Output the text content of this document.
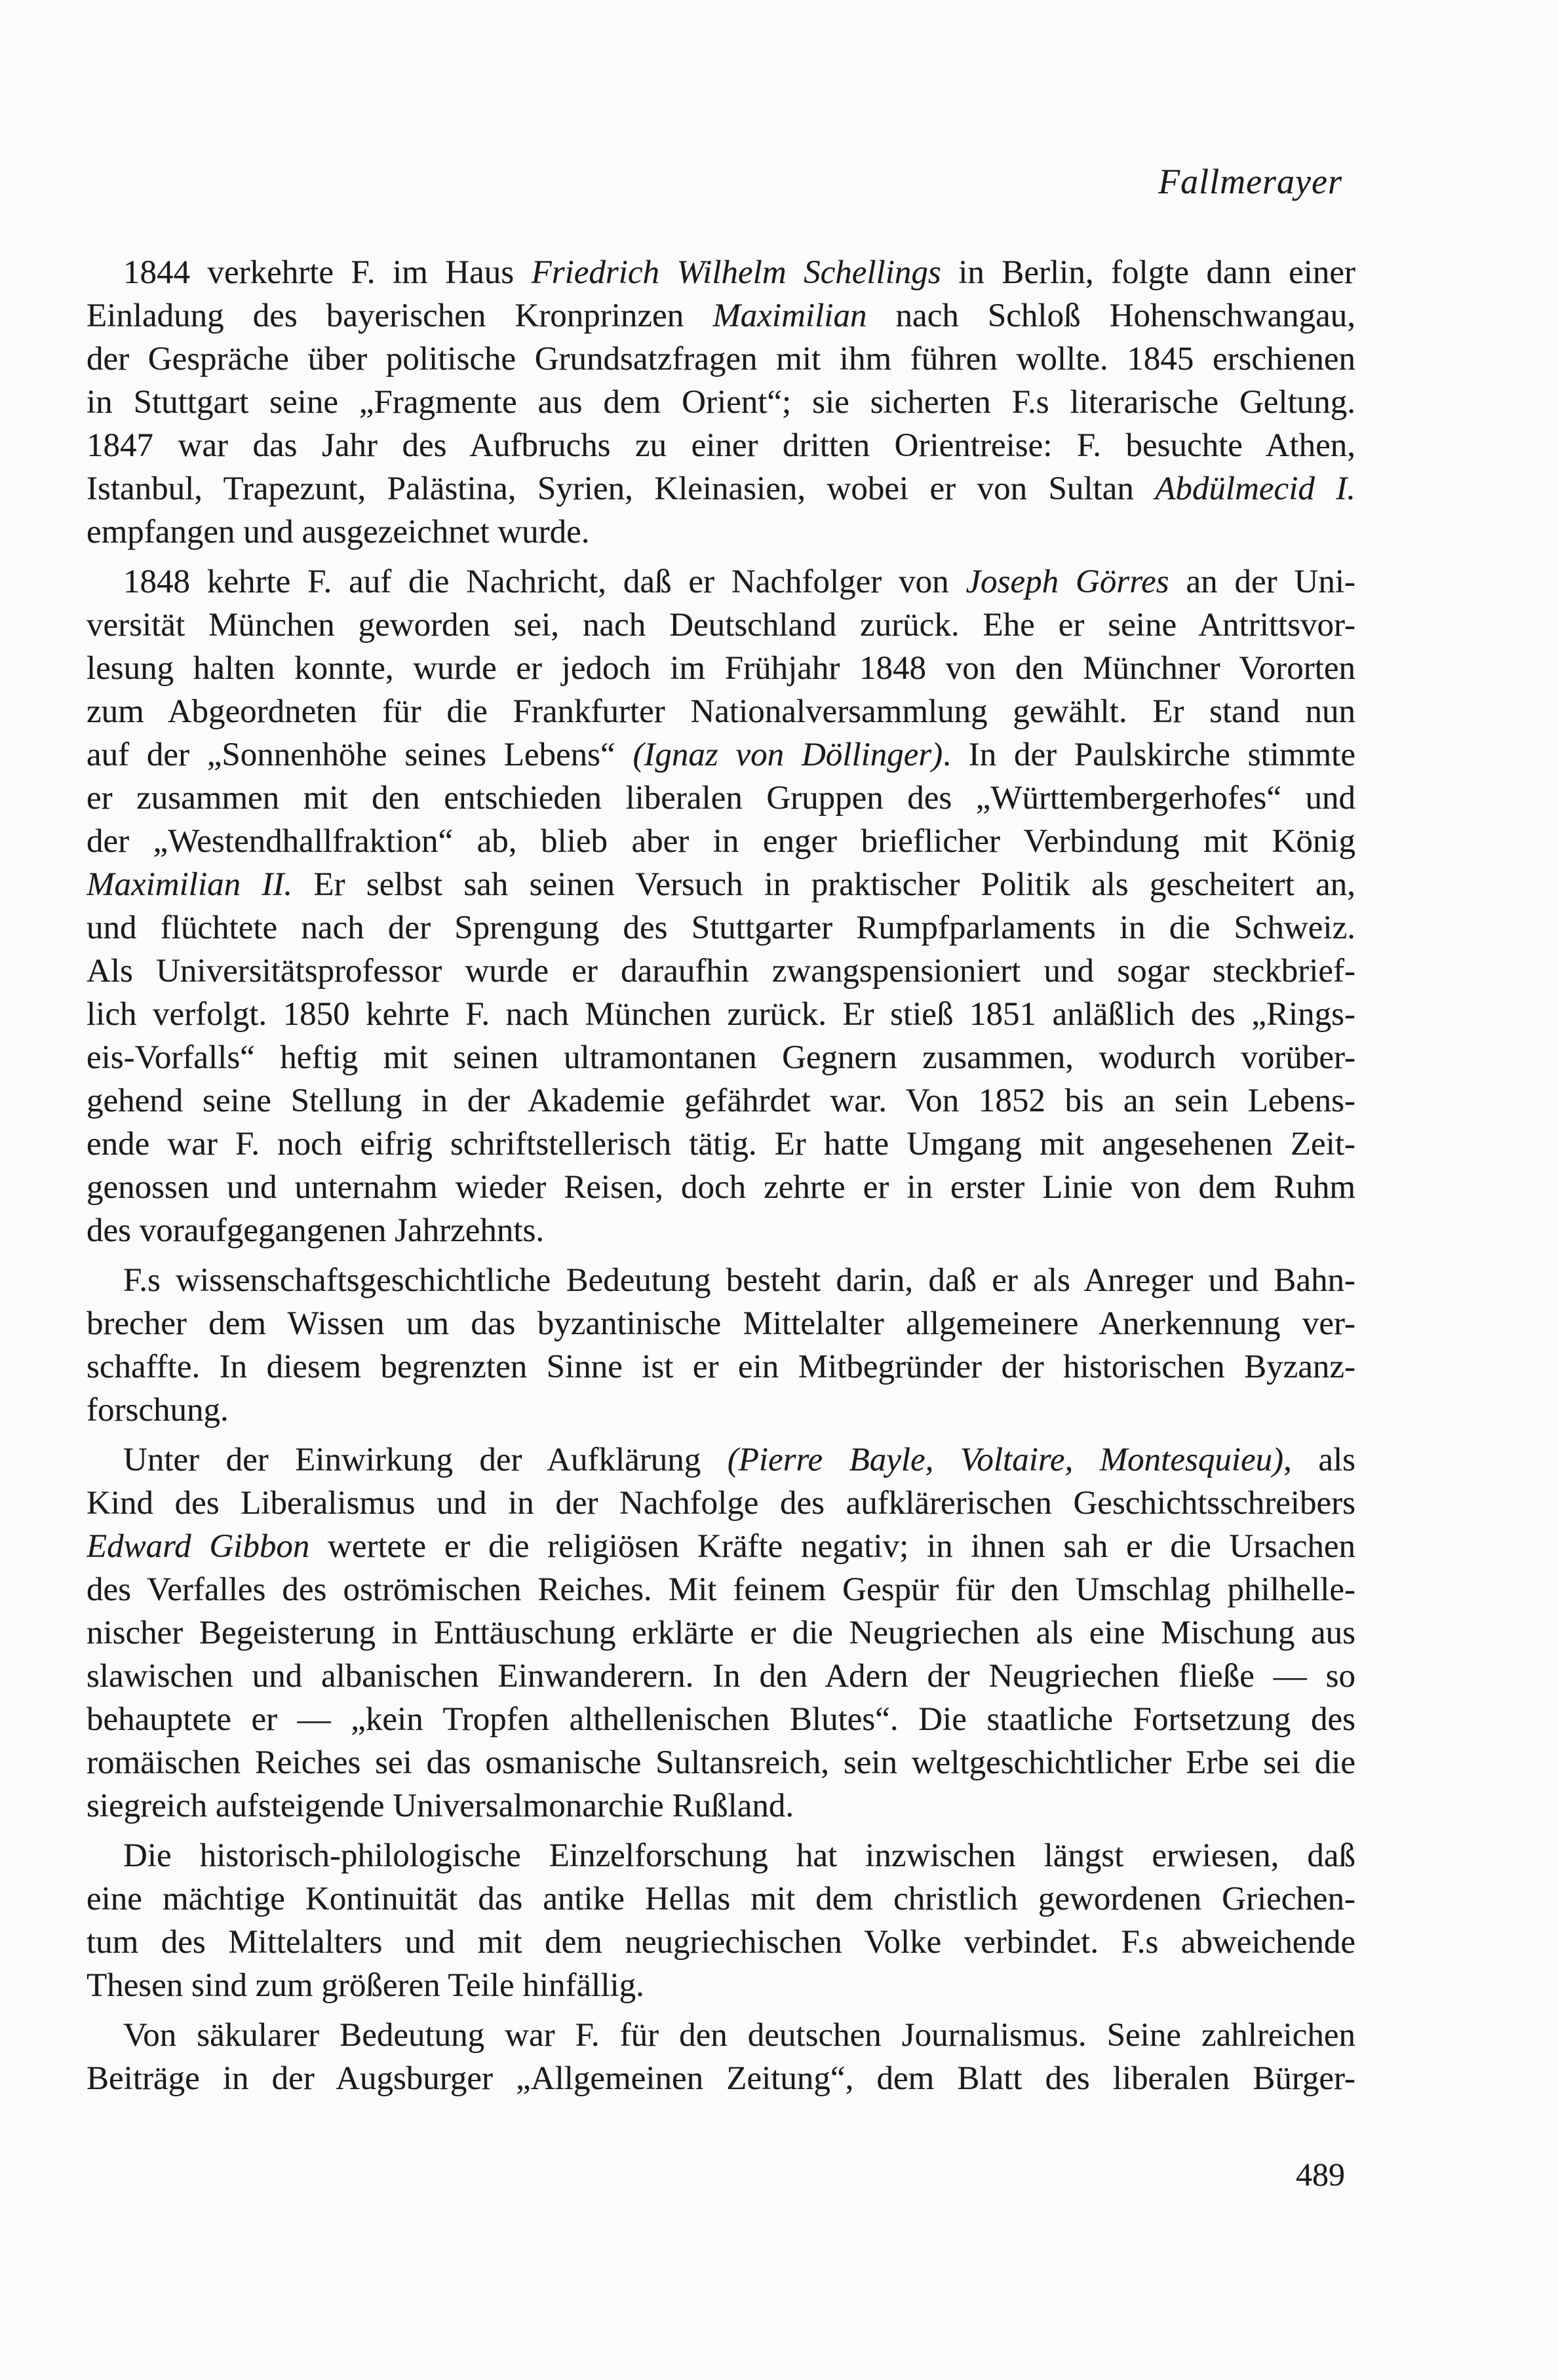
Fallmerayer
1844 verkehrte F. im Haus Friedrich Wilhelm Schellings in Berlin, folgte dann einer
Einladung des bayerischen Kronprinzen Maximilian nach Schloß Hohenschwangau,
der Gespräche über politische Grundsatzfragen mit ihm führen wollte. 1845 erschienen
in Stuttgart seine „Fragmente aus dem Orient“; sie sicherten F.s literarische Geltung.
1847 war das Jahr des Aufbruchs zu einer dritten Orientreise: F. besuchte Athen,
Istanbul, Trapezunt, Palästina, Syrien, Kleinasien, wobei er von Sultan Abdülmecid I.
empfangen und ausgezeichnet wurde.
1848 kehrte F. auf die Nachricht, daß er Nachfolger von Joseph Görres an der Uni-
versität München geworden sei, nach Deutschland zurück. Ehe er seine Antrittsvor-
lesung halten konnte, wurde er jedoch im Frühjahr 1848 von den Münchner Vororten
zum Abgeordneten für die Frankfurter Nationalversammlung gewählt. Er stand nun
auf der „Sonnenhöhe seines Lebens“ (Ignaz von Döllinger). In der Paulskirche stimmte
er zusammen mit den entschieden liberalen Gruppen des „Württembergerhofes“ und
der „Westendhallfraktion“ ab, blieb aber in enger brieflicher Verbindung mit König
Maximilian II. Er selbst sah seinen Versuch in praktischer Politik als gescheitert an,
und flüchtete nach der Sprengung des Stuttgarter Rumpfparlaments in die Schweiz.
Als Universitätsprofessor wurde er daraufhin zwangspensioniert und sogar steckbrief-
lich verfolgt. 1850 kehrte F. nach München zurück. Er stieß 1851 anläßlich des „Rings-
eis-Vorfalls“ heftig mit seinen ultramontanen Gegnern zusammen, wodurch vorüber-
gehend seine Stellung in der Akademie gefährdet war. Von 1852 bis an sein Lebens-
ende war F. noch eifrig schriftstellerisch tätig. Er hatte Umgang mit angesehenen Zeit-
genossen und unternahm wieder Reisen, doch zehrte er in erster Linie von dem Ruhm
des voraufgegangenen Jahrzehnts.
F.s wissenschaftsgeschichtliche Bedeutung besteht darin, daß er als Anreger und Bahn-
brecher dem Wissen um das byzantinische Mittelalter allgemeinere Anerkennung ver-
schaffte. In diesem begrenzten Sinne ist er ein Mitbegründer der historischen Byzanz-
forschung.
Unter der Einwirkung der Aufklärung (Pierre Bayle, Voltaire, Montesquieu), als
Kind des Liberalismus und in der Nachfolge des aufklärerischen Geschichtsschreibers
Edward Gibbon wertete er die religiösen Kräfte negativ; in ihnen sah er die Ursachen
des Verfalles des oströmischen Reiches. Mit feinem Gespür für den Umschlag philhelle-
nischer Begeisterung in Enttäuschung erklärte er die Neugriechen als eine Mischung aus
slawischen und albanischen Einwanderern. In den Adern der Neugriechen fließe — so
behauptete er — „kein Tropfen althellenischen Blutes“. Die staatliche Fortsetzung des
romäischen Reiches sei das osmanische Sultansreich, sein weltgeschichtlicher Erbe sei die
siegreich aufsteigende Universalmonarchie Rußland.
Die historisch-philologische Einzelforschung hat inzwischen längst erwiesen, daß
eine mächtige Kontinuität das antike Hellas mit dem christlich gewordenen Griechen-
tum des Mittelalters und mit dem neugriechischen Volke verbindet. F.s abweichende
Thesen sind zum größeren Teile hinfällig.
Von säkularer Bedeutung war F. für den deutschen Journalismus. Seine zahlreichen
Beiträge in der Augsburger „Allgemeinen Zeitung“, dem Blatt des liberalen Bürger-
489
